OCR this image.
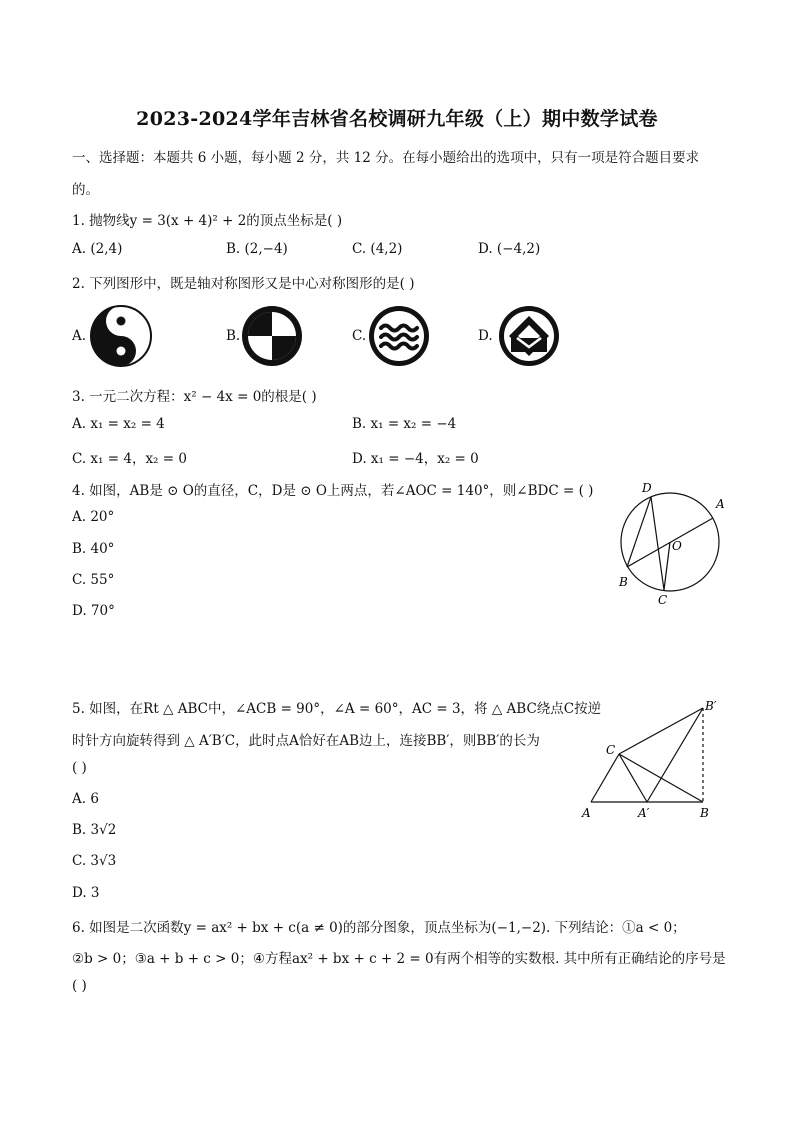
2023-2024学年吉林省名校调研九年级（上）期中数学试卷
一、选择题：本题共 6 小题，每小题 2 分，共 12 分。在每小题给出的选项中，只有一项是符合题目要求
的。
1. 抛物线y = 3(x + 4)² + 2的顶点坐标是( )
A. (2,4)	B. (2,−4)	C. (4,2)	D. (−4,2)
2. 下列图形中，既是轴对称图形又是中心对称图形的是( )
A.	B.	C.	D.
3. 一元二次方程：x² − 4x = 0的根是( )
A. x₁ = x₂ = 4	B. x₁ = x₂ = −4
C. x₁ = 4，x₂ = 0	D. x₁ = −4，x₂ = 0
4. 如图，AB是 ⊙ O的直径，C，D是 ⊙ O上两点，若∠AOC = 140°，则∠BDC = ( )
A. 20°
B. 40°
C. 55°
D. 70°
D
A
O
B
C
5. 如图，在Rt △ ABC中，∠ACB = 90°，∠A = 60°，AC = 3，将 △ ABC绕点C按逆
时针方向旋转得到 △ A′B′C，此时点A恰好在AB边上，连接BB′，则BB′的长为
( )
A. 6
B. 3√2
C. 3√3
D. 3
B′
C
A	A′	B
6. 如图是二次函数y = ax² + bx + c(a ≠ 0)的部分图象，顶点坐标为(−1,−2). 下列结论：①a < 0；
②b > 0；③a + b + c > 0；④方程ax² + bx + c + 2 = 0有两个相等的实数根. 其中所有正确结论的序号是
( )
